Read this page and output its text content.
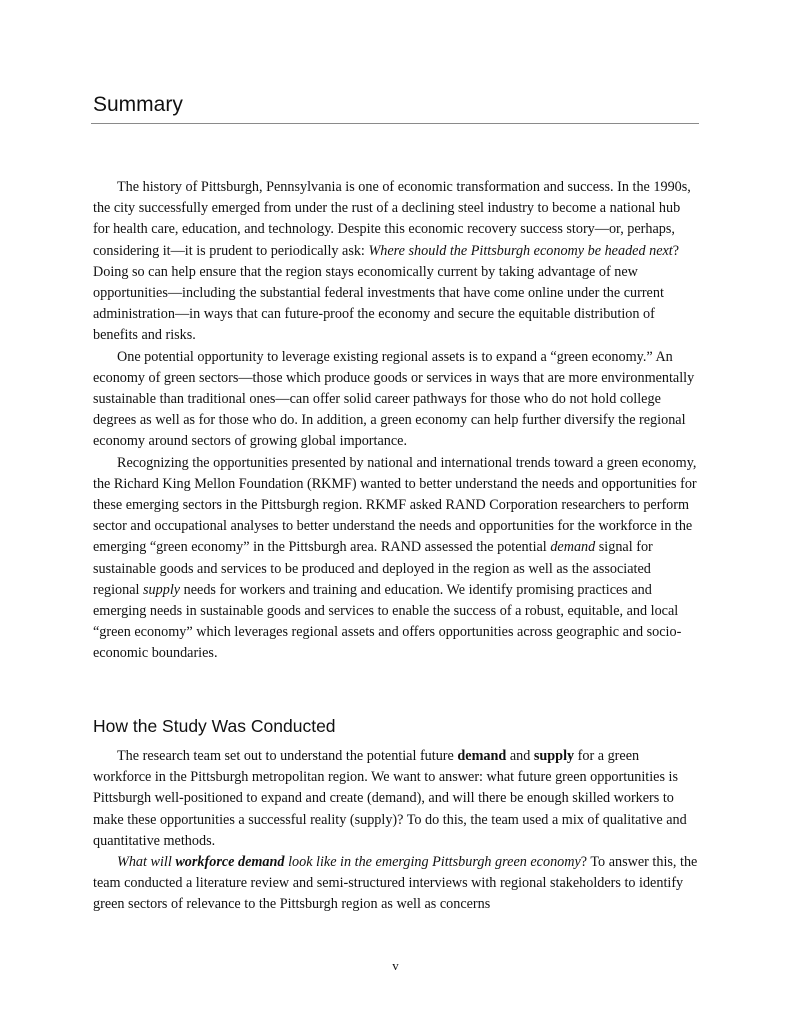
Summary

The history of Pittsburgh, Pennsylvania is one of economic transformation and success. In the 1990s, the city successfully emerged from under the rust of a declining steel industry to become a national hub for health care, education, and technology. Despite this economic recovery success story—or, perhaps, considering it—it is prudent to periodically ask: Where should the Pittsburgh economy be headed next? Doing so can help ensure that the region stays economically current by taking advantage of new opportunities—including the substantial federal investments that have come online under the current administration—in ways that can future-proof the economy and secure the equitable distribution of benefits and risks.

One potential opportunity to leverage existing regional assets is to expand a “green economy.” An economy of green sectors—those which produce goods or services in ways that are more environmentally sustainable than traditional ones—can offer solid career pathways for those who do not hold college degrees as well as for those who do. In addition, a green economy can help further diversify the regional economy around sectors of growing global importance.

Recognizing the opportunities presented by national and international trends toward a green economy, the Richard King Mellon Foundation (RKMF) wanted to better understand the needs and opportunities for these emerging sectors in the Pittsburgh region. RKMF asked RAND Corporation researchers to perform sector and occupational analyses to better understand the needs and opportunities for the workforce in the emerging “green economy” in the Pittsburgh area. RAND assessed the potential demand signal for sustainable goods and services to be produced and deployed in the region as well as the associated regional supply needs for workers and training and education. We identify promising practices and emerging needs in sustainable goods and services to enable the success of a robust, equitable, and local “green economy” which leverages regional assets and offers opportunities across geographic and socio-economic boundaries.

How the Study Was Conducted

The research team set out to understand the potential future demand and supply for a green workforce in the Pittsburgh metropolitan region. We want to answer: what future green opportunities is Pittsburgh well-positioned to expand and create (demand), and will there be enough skilled workers to make these opportunities a successful reality (supply)? To do this, the team used a mix of qualitative and quantitative methods.

What will workforce demand look like in the emerging Pittsburgh green economy? To answer this, the team conducted a literature review and semi-structured interviews with regional stakeholders to identify green sectors of relevance to the Pittsburgh region as well as concerns

v
